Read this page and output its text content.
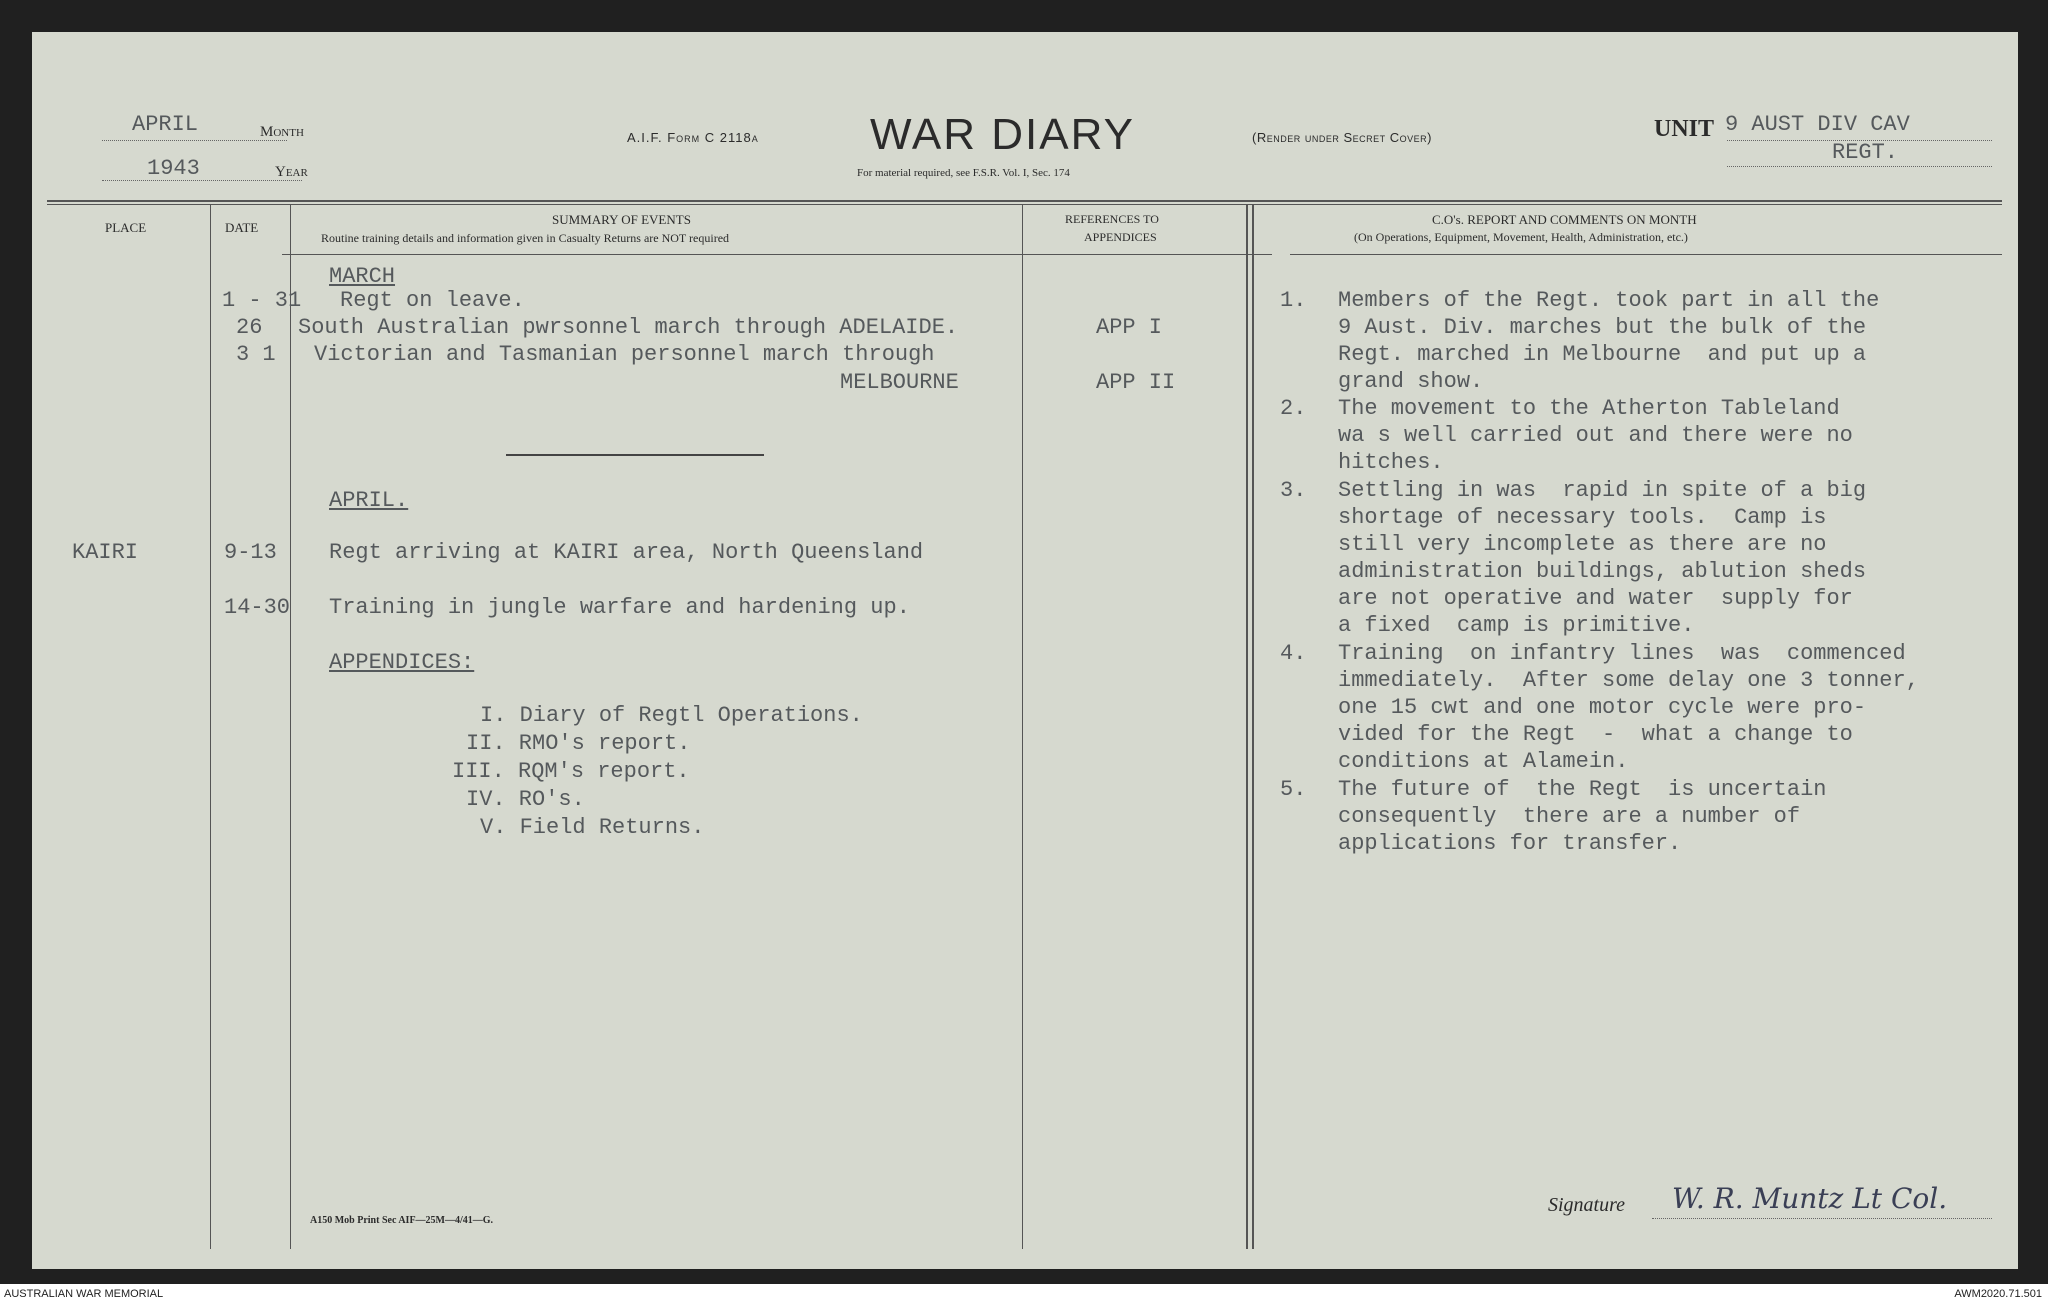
APRIL	Month
1943	Year
A.I.F. Form C 2118a	WAR DIARY
For material required, see F.S.R. Vol. I, Sec. 174
(Render under Secret Cover)	UNIT 9 AUST DIV CAV
REGT.
PLACE	DATE
SUMMARY OF EVENTS
Routine training details and information given in Casualty Returns are NOT required
REFERENCES TO
APPENDICES
C.O's. REPORT AND COMMENTS ON MONTH
(On Operations, Equipment, Movement, Health, Administration, etc.)
MARCH
1 - 31 Regt on leave.
26 South Australian pwrsonnel march through ADELAIDE.	APP I
3 1 Victorian and Tasmanian personnel march through
MELBOURNE	APP II
APRIL.
KAIRI	9-13 Regt arriving at KAIRI area, North Queensland
14-30 Training in jungle warfare and hardening up.
APPENDICES:
I. Diary of Regtl Operations.
II. RMO's report.
III. RQM's report.
IV. RO's.
V. Field Returns.
1. Members of the Regt. took part in all the
9 Aust. Div. marches but the bulk of the
Regt. marched in Melbourne  and put up a
grand show.
2. The movement to the Atherton Tableland
wa s well carried out and there were no
hitches.
3. Settling in was  rapid in spite of a big
shortage of necessary tools.  Camp is
still very incomplete as there are no
administration buildings, ablution sheds
are not operative and water  supply for
a fixed  camp is primitive.
4. Training  on infantry lines  was  commenced
immediately.  After some delay one 3 tonner,
one 15 cwt and one motor cycle were pro-
vided for the Regt  -  what a change to
conditions at Alamein.
5. The future of  the Regt  is uncertain
consequently  there are a number of
applications for transfer.
A150 Mob Print Sec AIF—25M—4/41—G.
Signature W. R. Muntz Lt Col.
AUSTRALIAN WAR MEMORIAL	AWM2020.71.501
